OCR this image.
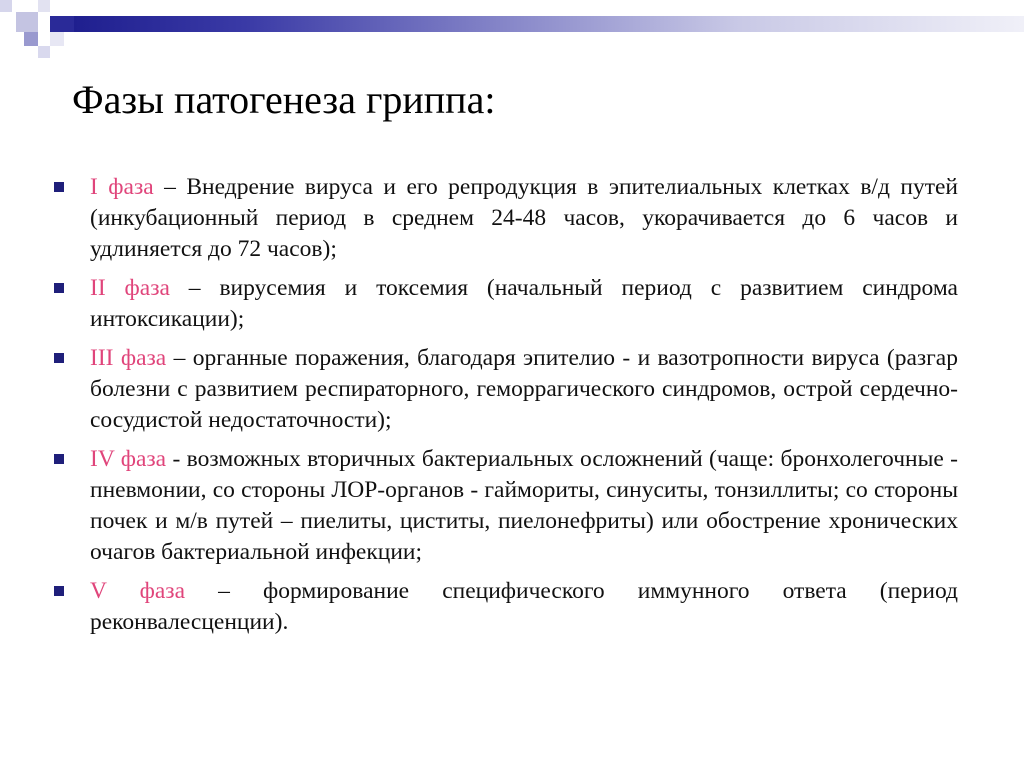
Фазы патогенеза гриппа:
I фаза – Внедрение вируса и его репродукция в эпителиальных клетках в/д путей (инкубационный период в среднем 24-48 часов, укорачивается до 6 часов и удлиняется до 72 часов);
II фаза – вирусемия и токсемия (начальный период с развитием синдрома интоксикации);
III фаза – органные поражения, благодаря эпителио - и вазотропности вируса (разгар болезни с развитием респираторного, геморрагического синдромов, острой сердечно-сосудистой недостаточности);
IV фаза - возможных вторичных бактериальных осложнений (чаще: бронхолегочные - пневмонии, со стороны ЛОР-органов - гаймориты, синуситы, тонзиллиты; со стороны почек и м/в путей – пиелиты, циститы, пиелонефриты) или обострение хронических очагов бактериальной инфекции;
V фаза – формирование специфического иммунного ответа (период реконвалесценции).
